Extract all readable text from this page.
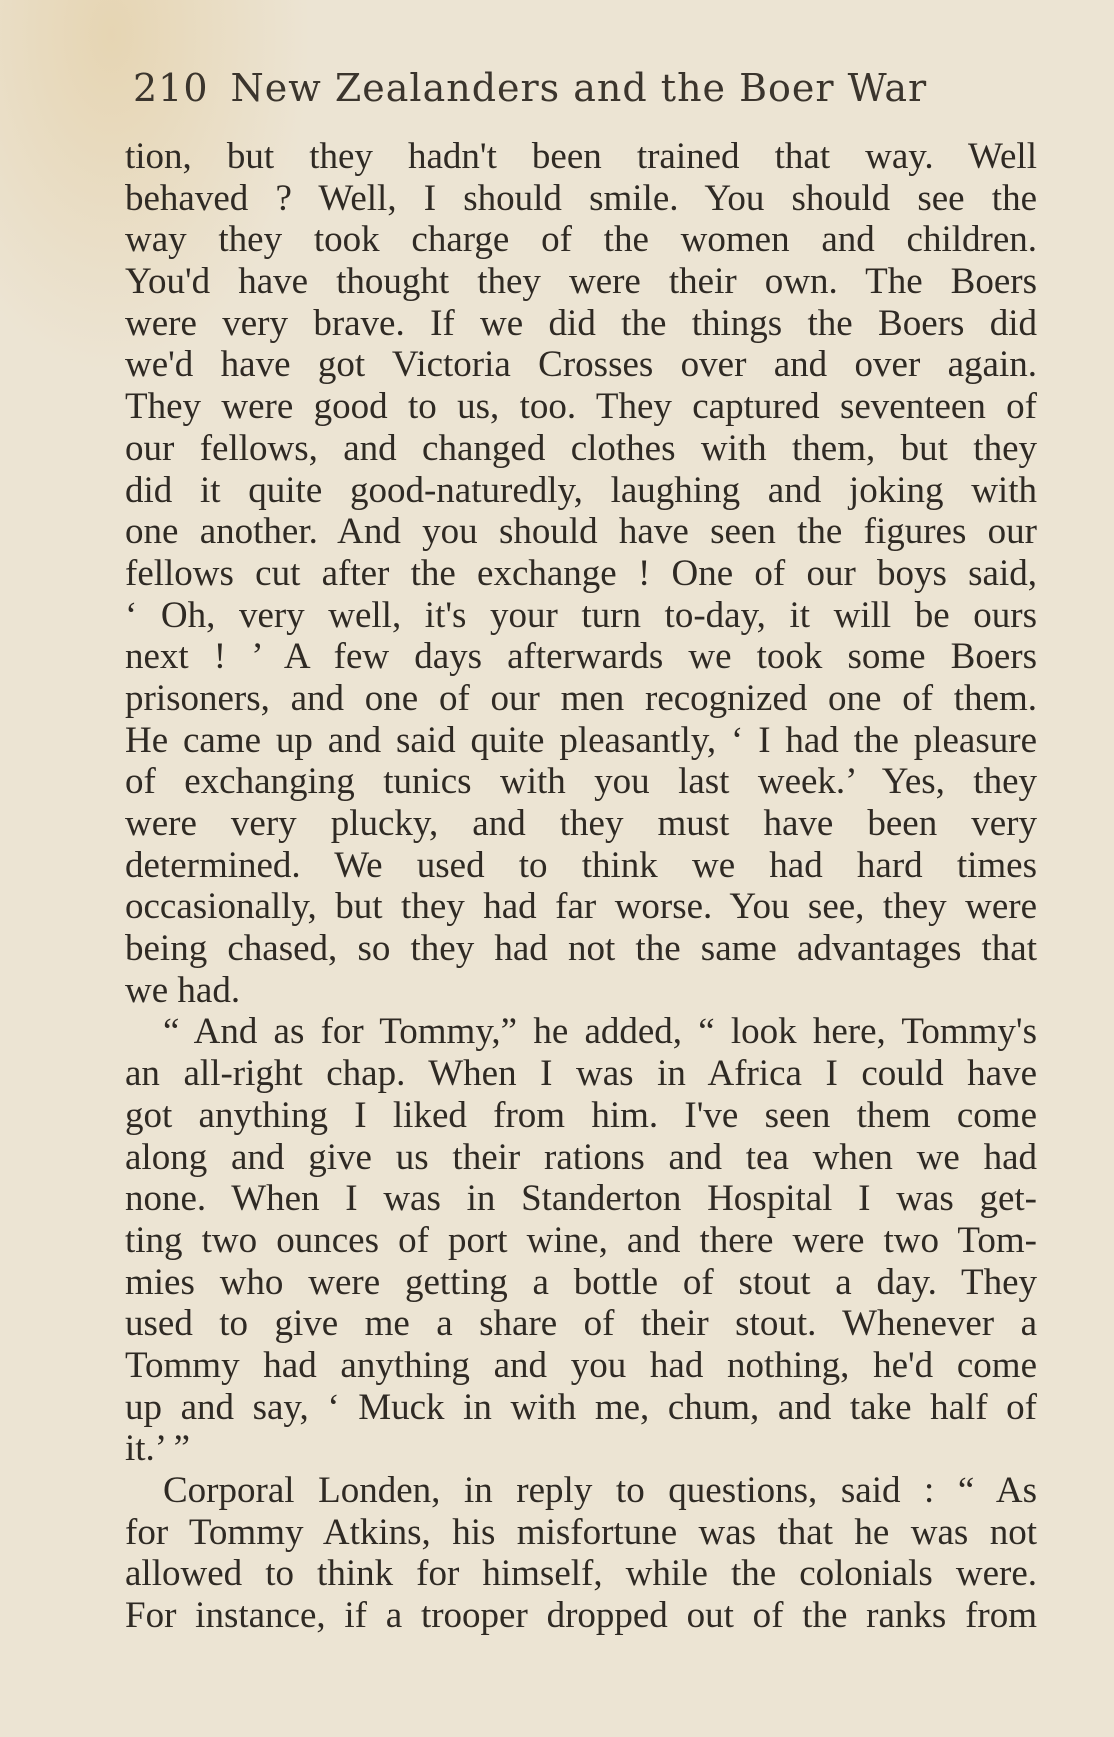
210 New Zealanders and the Boer War
tion, but they hadn't been trained that way. Well
behaved ? Well, I should smile. You should see the
way they took charge of the women and children.
You'd have thought they were their own. The Boers
were very brave. If we did the things the Boers did
we'd have got Victoria Crosses over and over again.
They were good to us, too. They captured seventeen of
our fellows, and changed clothes with them, but they
did it quite good-naturedly, laughing and joking with
one another. And you should have seen the figures our
fellows cut after the exchange ! One of our boys said,
‘ Oh, very well, it's your turn to-day, it will be ours
next ! ’ A few days afterwards we took some Boers
prisoners, and one of our men recognized one of them.
He came up and said quite pleasantly, ‘ I had the pleasure
of exchanging tunics with you last week.’ Yes, they
were very plucky, and they must have been very
determined. We used to think we had hard times
occasionally, but they had far worse. You see, they were
being chased, so they had not the same advantages that
we had.
“ And as for Tommy,” he added, “ look here, Tommy's
an all-right chap. When I was in Africa I could have
got anything I liked from him. I've seen them come
along and give us their rations and tea when we had
none. When I was in Standerton Hospital I was get-
ting two ounces of port wine, and there were two Tom-
mies who were getting a bottle of stout a day. They
used to give me a share of their stout. Whenever a
Tommy had anything and you had nothing, he'd come
up and say, ‘ Muck in with me, chum, and take half of
it.’ ”
Corporal Londen, in reply to questions, said : “ As
for Tommy Atkins, his misfortune was that he was not
allowed to think for himself, while the colonials were.
For instance, if a trooper dropped out of the ranks from
